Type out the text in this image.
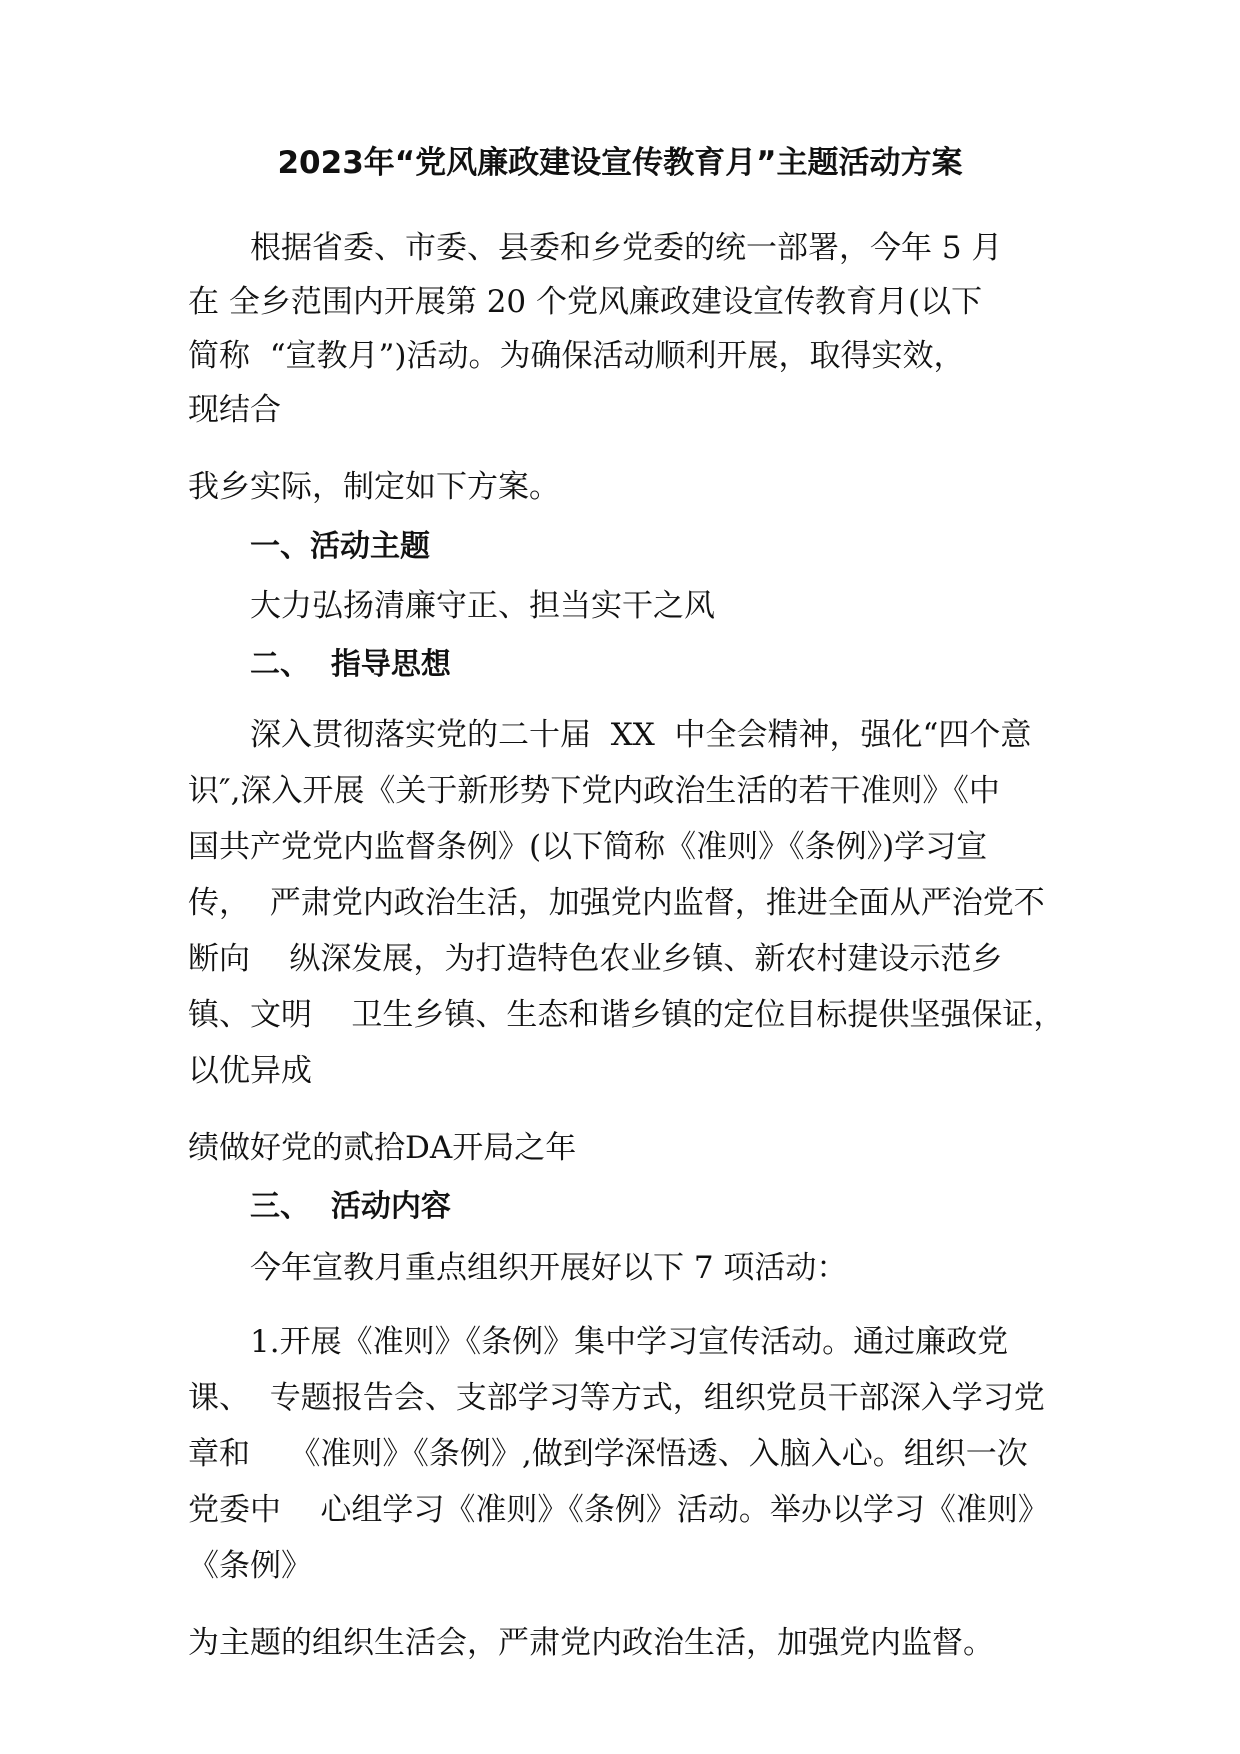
2023年“党风廉政建设宣传教育月”主题活动方案
根据省委、市委、县委和乡党委的统一部署，今年 5 月
在 全乡范围内开展第 20 个党风廉政建设宣传教育月(以下
简称  “宣教月”)活动。为确保活动顺利开展，取得实效，
现结合
我乡实际，制定如下方案。
一、活动主题
大力弘扬清廉守正、担当实干之风
二、  指导思想
深入贯彻落实党的二十届  XX  中全会精神，强化“四个意
识″,深入开展《关于新形势下党内政治生活的若干准则》《中
国共产党党内监督条例》(以下简称《准则》《条例》)学习宣
传，  严肃党内政治生活，加强党内监督，推进全面从严治党不
断向    纵深发展，为打造特色农业乡镇、新农村建设示范乡
镇、文明    卫生乡镇、生态和谐乡镇的定位目标提供坚强保证，
以优异成
绩做好党的贰拾DA开局之年
三、  活动内容
今年宣教月重点组织开展好以下 7 项活动：
1.开展《准则》《条例》集中学习宣传活动。通过廉政党
课、  专题报告会、支部学习等方式，组织党员干部深入学习党
章和    《准则》《条例》,做到学深悟透、入脑入心。组织一次
党委中    心组学习《准则》《条例》活动。举办以学习《准则》
《条例》
为主题的组织生活会，严肃党内政治生活，加强党内监督。
